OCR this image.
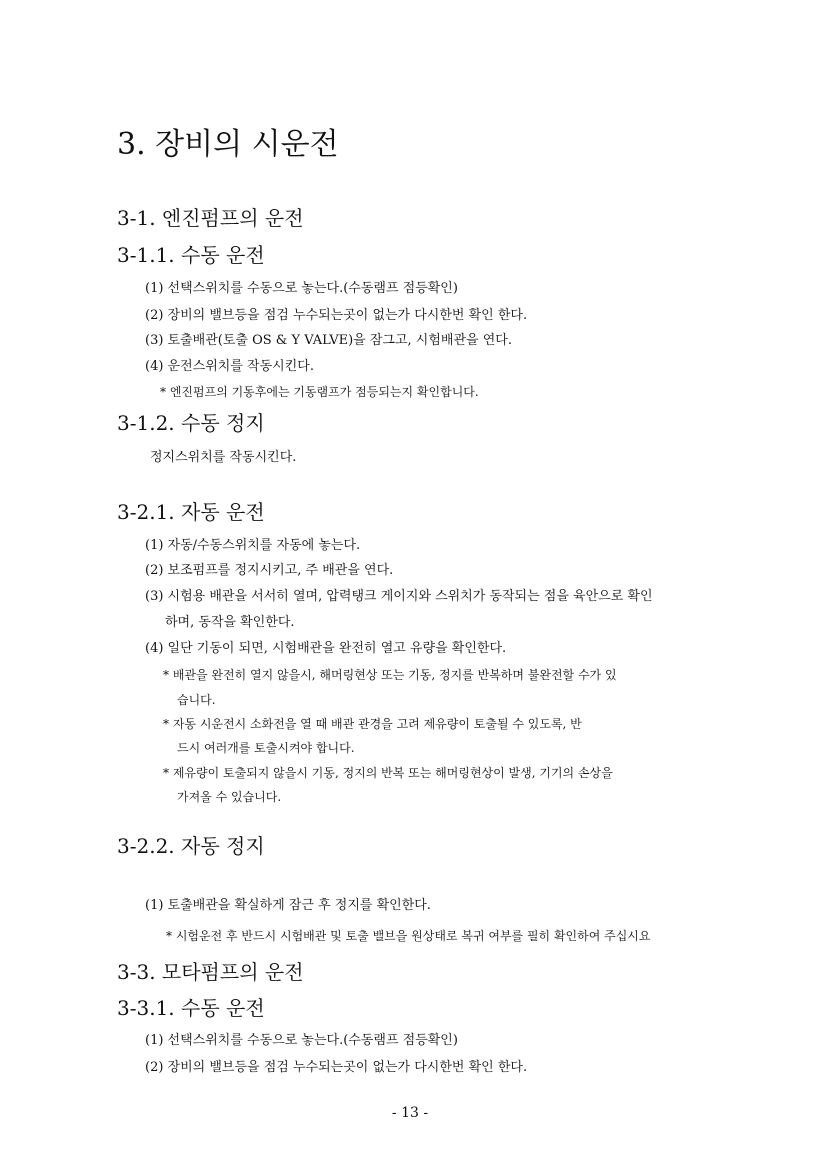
3. 장비의 시운전
3-1. 엔진펌프의 운전
3-1.1. 수동 운전
(1) 선택스위치를 수동으로 놓는다.(수동램프 점등확인)
(2) 장비의 밸브등을 점검 누수되는곳이 없는가 다시한번 확인 한다.
(3) 토출배관(토출 OS & Y VALVE)을 잠그고, 시험배관을 연다.
(4) 운전스위치를 작동시킨다.
* 엔진펌프의 기동후에는 기동램프가 점등되는지 확인합니다.
3-1.2. 수동 정지
정지스위치를 작동시킨다.
3-2.1. 자동 운전
(1) 자동/수동스위치를 자동에 놓는다.
(2) 보조펌프를 정지시키고, 주 배관을 연다.
(3) 시험용 배관을 서서히 열며, 압력탱크 게이지와 스위치가 동작되는 점을 육안으로 확인
하며, 동작을 확인한다.
(4) 일단 기동이 되면, 시험배관을 완전히 열고 유량을 확인한다.
* 배관을 완전히 열지 않을시, 해머링현상 또는 기동, 정지를 반복하며 불완전할 수가 있
습니다.
* 자동 시운전시 소화전을 열 때 배관 관경을 고려 제유량이 토출될 수 있도록, 반
드시 여러개를 토출시켜야 합니다.
* 제유량이 토출되지 않을시 기동, 정지의 반복 또는 해머링현상이 발생, 기기의 손상을
가져올 수 있습니다.
3-2.2. 자동 정지
(1) 토출배관을 확실하게 잠근 후 정지를 확인한다.
* 시험운전 후 반드시 시험배관 및 토출 밸브을 원상태로 복귀 여부를 필히 확인하여 주십시요
3-3. 모타펌프의 운전
3-3.1. 수동 운전
(1) 선택스위치를 수동으로 놓는다.(수동램프 점등확인)
(2) 장비의 밸브등을 점검 누수되는곳이 없는가 다시한번 확인 한다.
- 13 -
